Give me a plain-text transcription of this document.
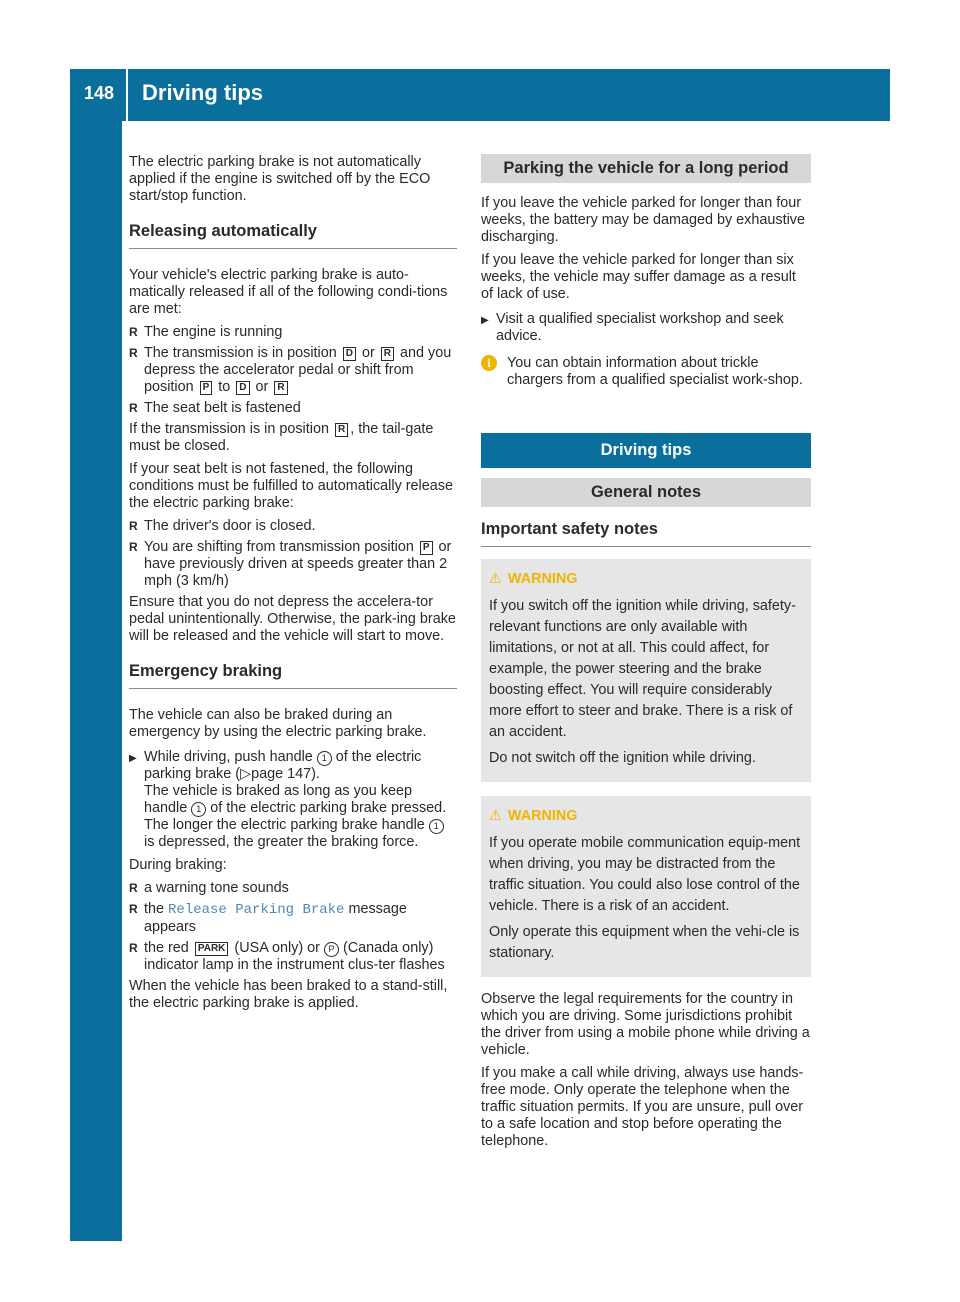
148 Driving tips
Driving and parking

The electric parking brake is not automatically applied if the engine is switched off by the ECO start/stop function.

Releasing automatically

Your vehicle's electric parking brake is auto-matically released if all of the following condi-tions are met:

R The engine is running
R The transmission is in position D or R and you depress the accelerator pedal or shift from position P to D or R
R The seat belt is fastened

If the transmission is in position R , the tail-gate must be closed.

If your seat belt is not fastened, the following conditions must be fulfilled to automatically release the electric parking brake:

R The driver's door is closed.
R You are shifting from transmission position P or have previously driven at speeds greater than 2 mph (3 km/h)

Ensure that you do not depress the accelera-tor pedal unintentionally. Otherwise, the park-ing brake will be released and the vehicle will start to move.

Emergency braking

The vehicle can also be braked during an emergency by using the electric parking brake.

▶ While driving, push handle 1 of the electric parking brake (▷page 147).
The vehicle is braked as long as you keep handle 1 of the electric parking brake pressed. The longer the electric parking brake handle 1 is depressed, the greater the braking force.

During braking:

R a warning tone sounds
R the Release Parking Brake message appears
R the red PARK (USA only) or P (Canada only) indicator lamp in the instrument clus-ter flashes

When the vehicle has been braked to a stand-still, the electric parking brake is applied.

Parking the vehicle for a long period

If you leave the vehicle parked for longer than four weeks, the battery may be damaged by exhaustive discharging.

If you leave the vehicle parked for longer than six weeks, the vehicle may suffer damage as a result of lack of use.

▶ Visit a qualified specialist workshop and seek advice.
i	You can obtain information about trickle chargers from a qualified specialist work-shop.
Driving tips
General notes
Important safety notes

⚠ WARNING

If you switch off the ignition while driving, safety-relevant functions are only available with limitations, or not at all. This could affect, for example, the power steering and the brake boosting effect. You will require considerably more effort to steer and brake. There is a risk of an accident.

Do not switch off the ignition while driving.

⚠ WARNING

If you operate mobile communication equip-ment when driving, you may be distracted from the traffic situation. You could also lose control of the vehicle. There is a risk of an accident.

Only operate this equipment when the vehi-cle is stationary.

Observe the legal requirements for the country in which you are driving. Some jurisdictions prohibit the driver from using a mobile phone while driving a vehicle.

If you make a call while driving, always use hands-free mode. Only operate the telephone when the traffic situation permits. If you are unsure, pull over to a safe location and stop before operating the telephone.
